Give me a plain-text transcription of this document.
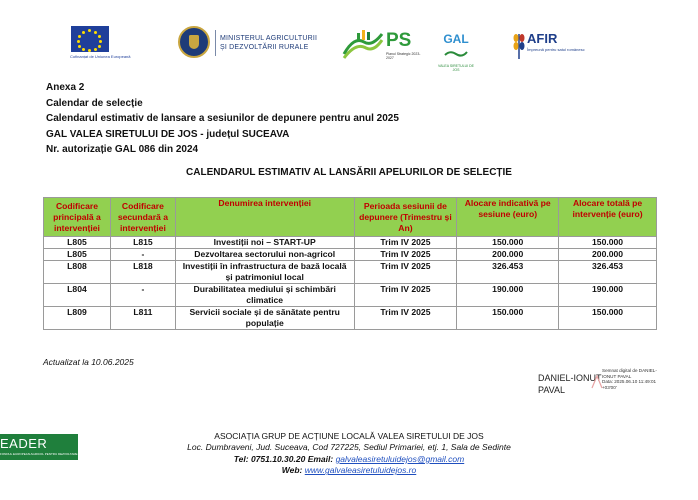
Cofinanțat de Uniunea Europeană
MINISTERUL AGRICULTURII
ȘI DEZVOLTĂRII RURALE	PS
Planul Strategic 2023-2027
GAL
VALEA SIRETULUI DE JOS
AFIR
Împreună pentru satul românesc
Anexa 2
Calendar de selecție
Calendarul estimativ de lansare a sesiunilor de depunere pentru anul 2025
GAL VALEA SIRETULUI DE JOS - județul SUCEAVA
Nr. autorizație GAL 086 din 2024
CALENDARUL ESTIMATIV AL LANSĂRII APELURILOR DE SELECȚIE
Codificare principală a intervenției	Codificare secundară a intervenției	Denumirea intervenției	Perioada sesiunii de depunere (Trimestru și An)	Alocare indicativă pe sesiune (euro)	Alocare totală pe intervenție (euro)
L805	L815	Investiții noi – START-UP	Trim IV 2025	150.000	150.000
L805	-	Dezvoltarea sectorului non-agricol	Trim IV 2025	200.000	200.000
L808	L818	Investiții în infrastructura de bază locală și patrimoniul local	Trim IV 2025	326.453	326.453
L804	-	Durabilitatea mediului și schimbări climatice	Trim IV 2025	190.000	190.000
L809	L811	Servicii sociale și de sănătate pentru populație	Trim IV 2025	150.000	150.000
Actualizat la 10.06.2025
DANIEL-IONUT
PAVAL
Semnat digital de DANIEL-
IONUT PAVAL
Data: 2025.06.10 11:49:01
+03'00'
EADER
FONDUL EUROPEAN AGRICOL PENTRU DEZVOLTARE RURALĂ
ASOCIAȚIA GRUP DE ACȚIUNE LOCALĂ VALEA SIRETULUI DE JOS
Loc. Dumbraveni, Jud. Suceava, Cod 727225, Sediul Primariei, etj. 1, Sala de Sedinte
Tel: 0751.10.30.20 Email: galvaleasiretuluidejos@gmail.com
Web: www.galvaleasiretuluidejos.ro
